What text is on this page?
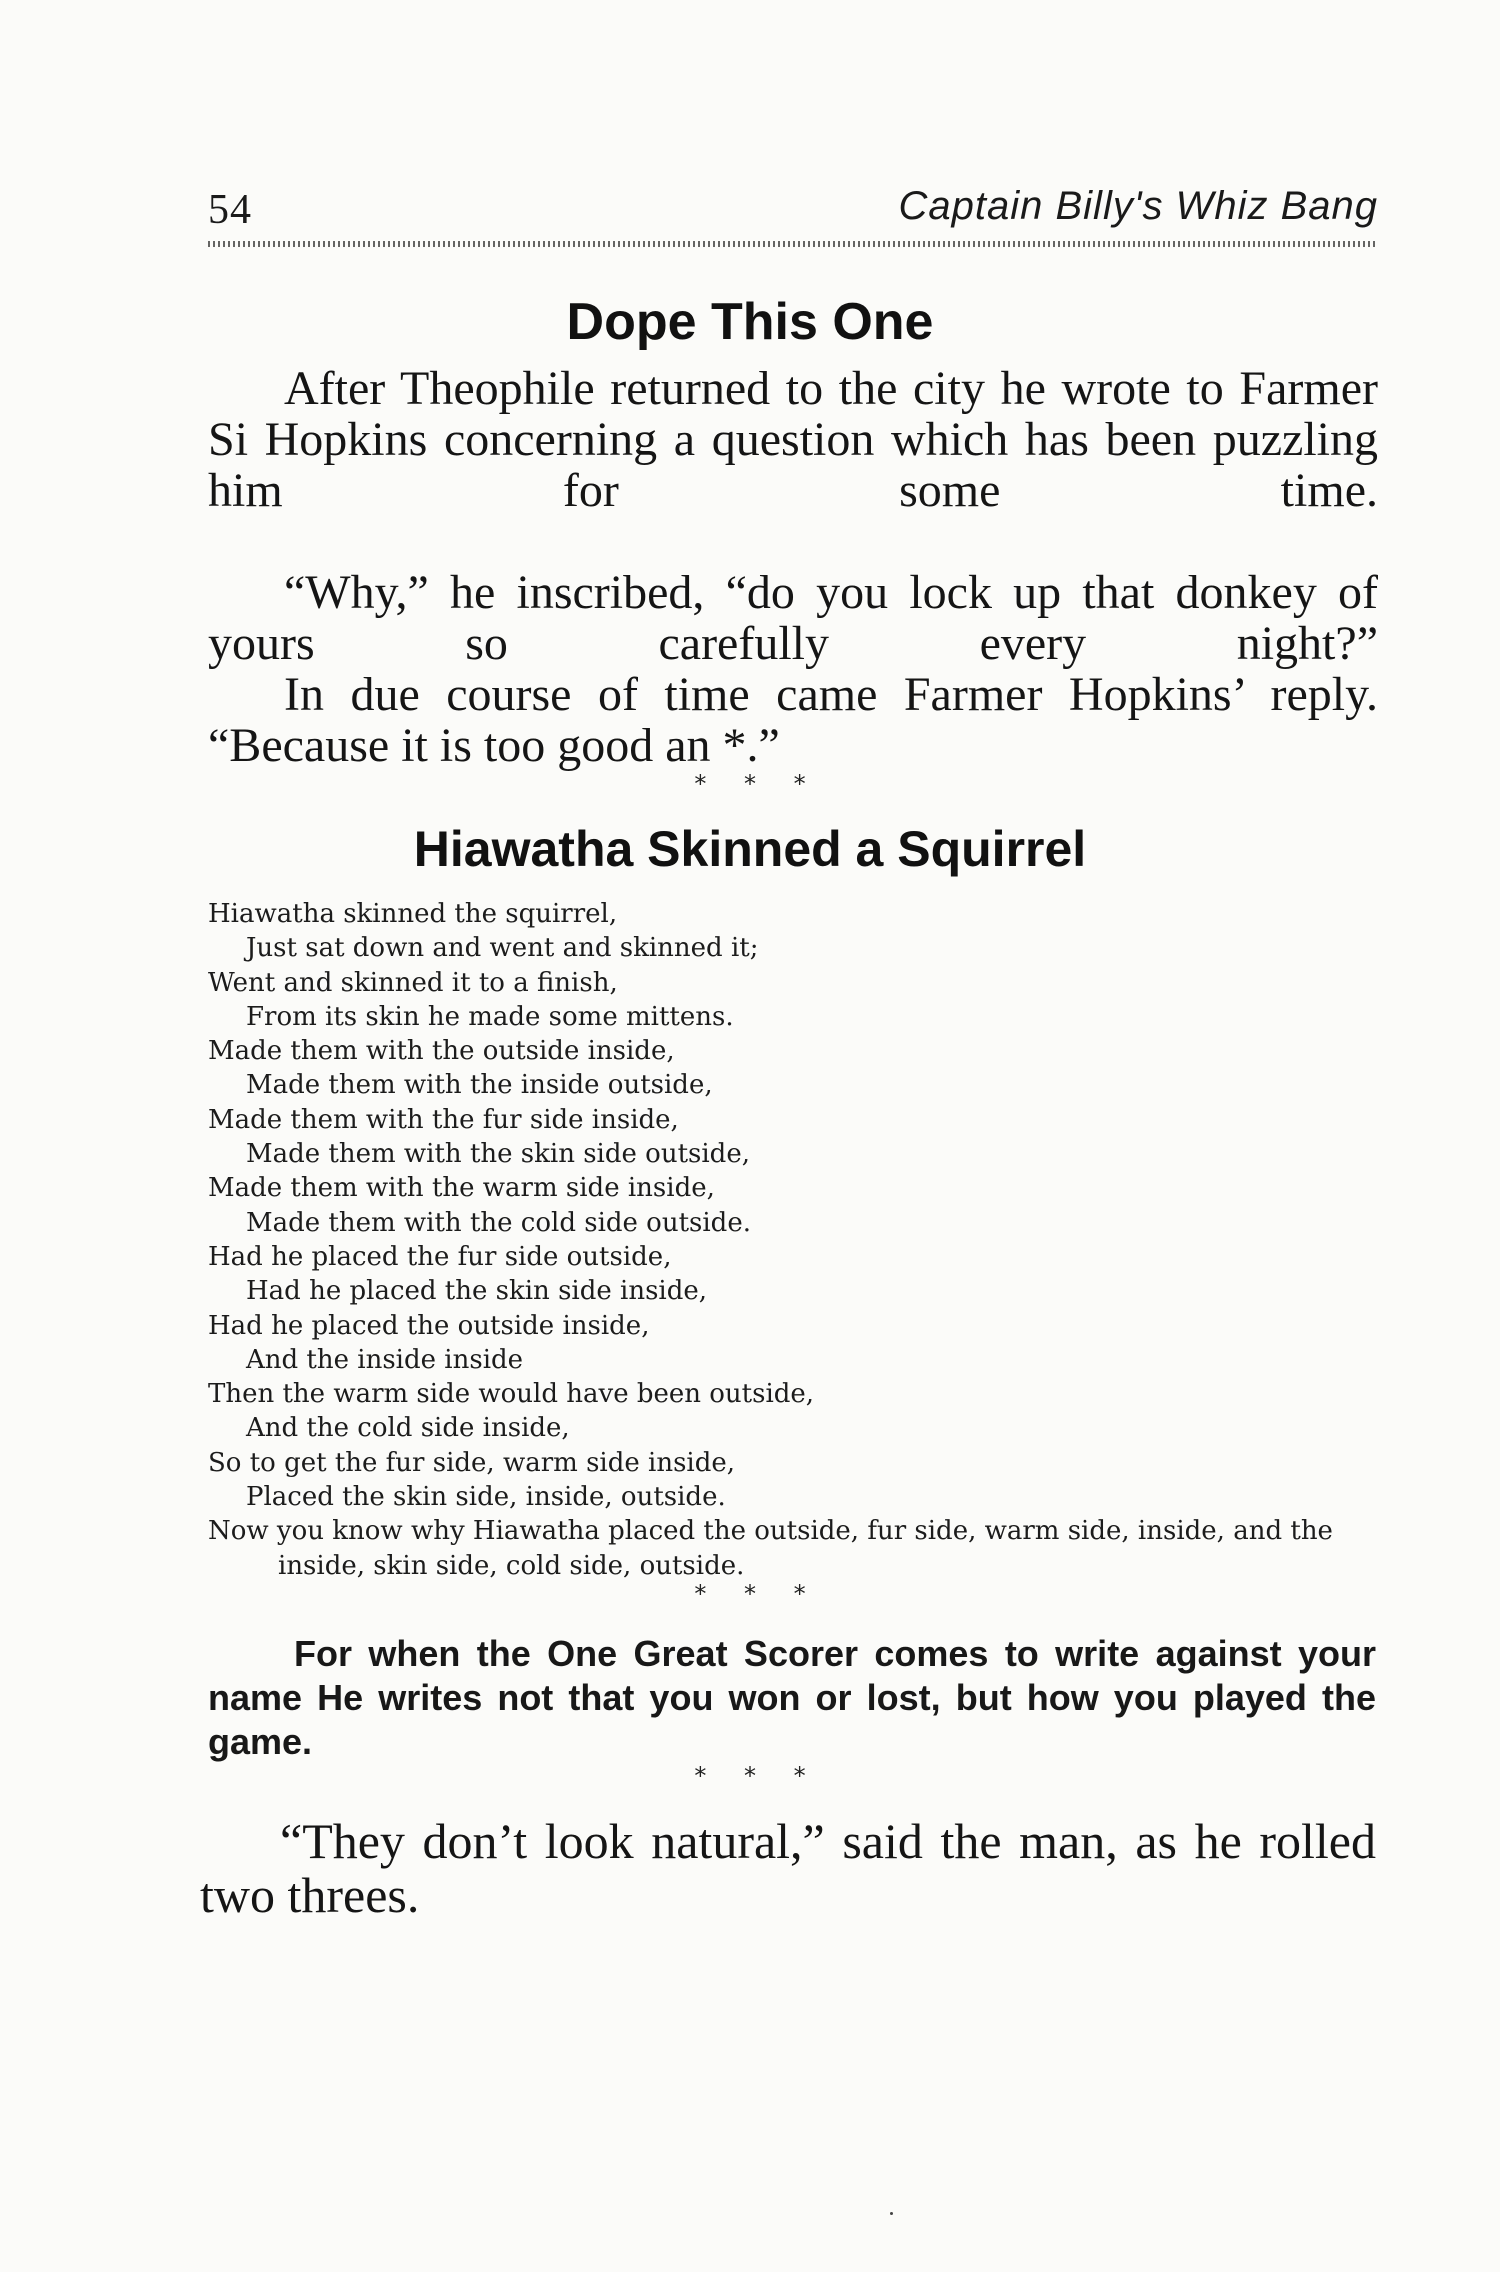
54	Captain Billy's Whiz Bang
Dope This One

After Theophile returned to the city he wrote to Farmer Si Hopkins concerning a question which has been puzzling him for some time.

“Why,” he inscribed, “do you lock up that donkey of yours so carefully every night?”

In due course of time came Farmer Hopkins’ reply. “Because it is too good an *.”

* * *
Hiawatha Skinned a Squirrel
Hiawatha skinned the squirrel,
Just sat down and went and skinned it;
Went and skinned it to a finish,
From its skin he made some mittens.
Made them with the outside inside,
Made them with the inside outside,
Made them with the fur side inside,
Made them with the skin side outside,
Made them with the warm side inside,
Made them with the cold side outside.
Had he placed the fur side outside,
Had he placed the skin side inside,
Had he placed the outside inside,
And the inside inside
Then the warm side would have been outside,
And the cold side inside,
So to get the fur side, warm side inside,
Placed the skin side, inside, outside.
Now you know why Hiawatha placed the outside, fur side, warm side, inside, and the inside, skin side, cold side, outside.
* * *
For when the One Great Scorer comes to write against your name He writes not that you won or lost, but how you played the game.
* * *
“They don’t look natural,” said the man, as he rolled two threes.
